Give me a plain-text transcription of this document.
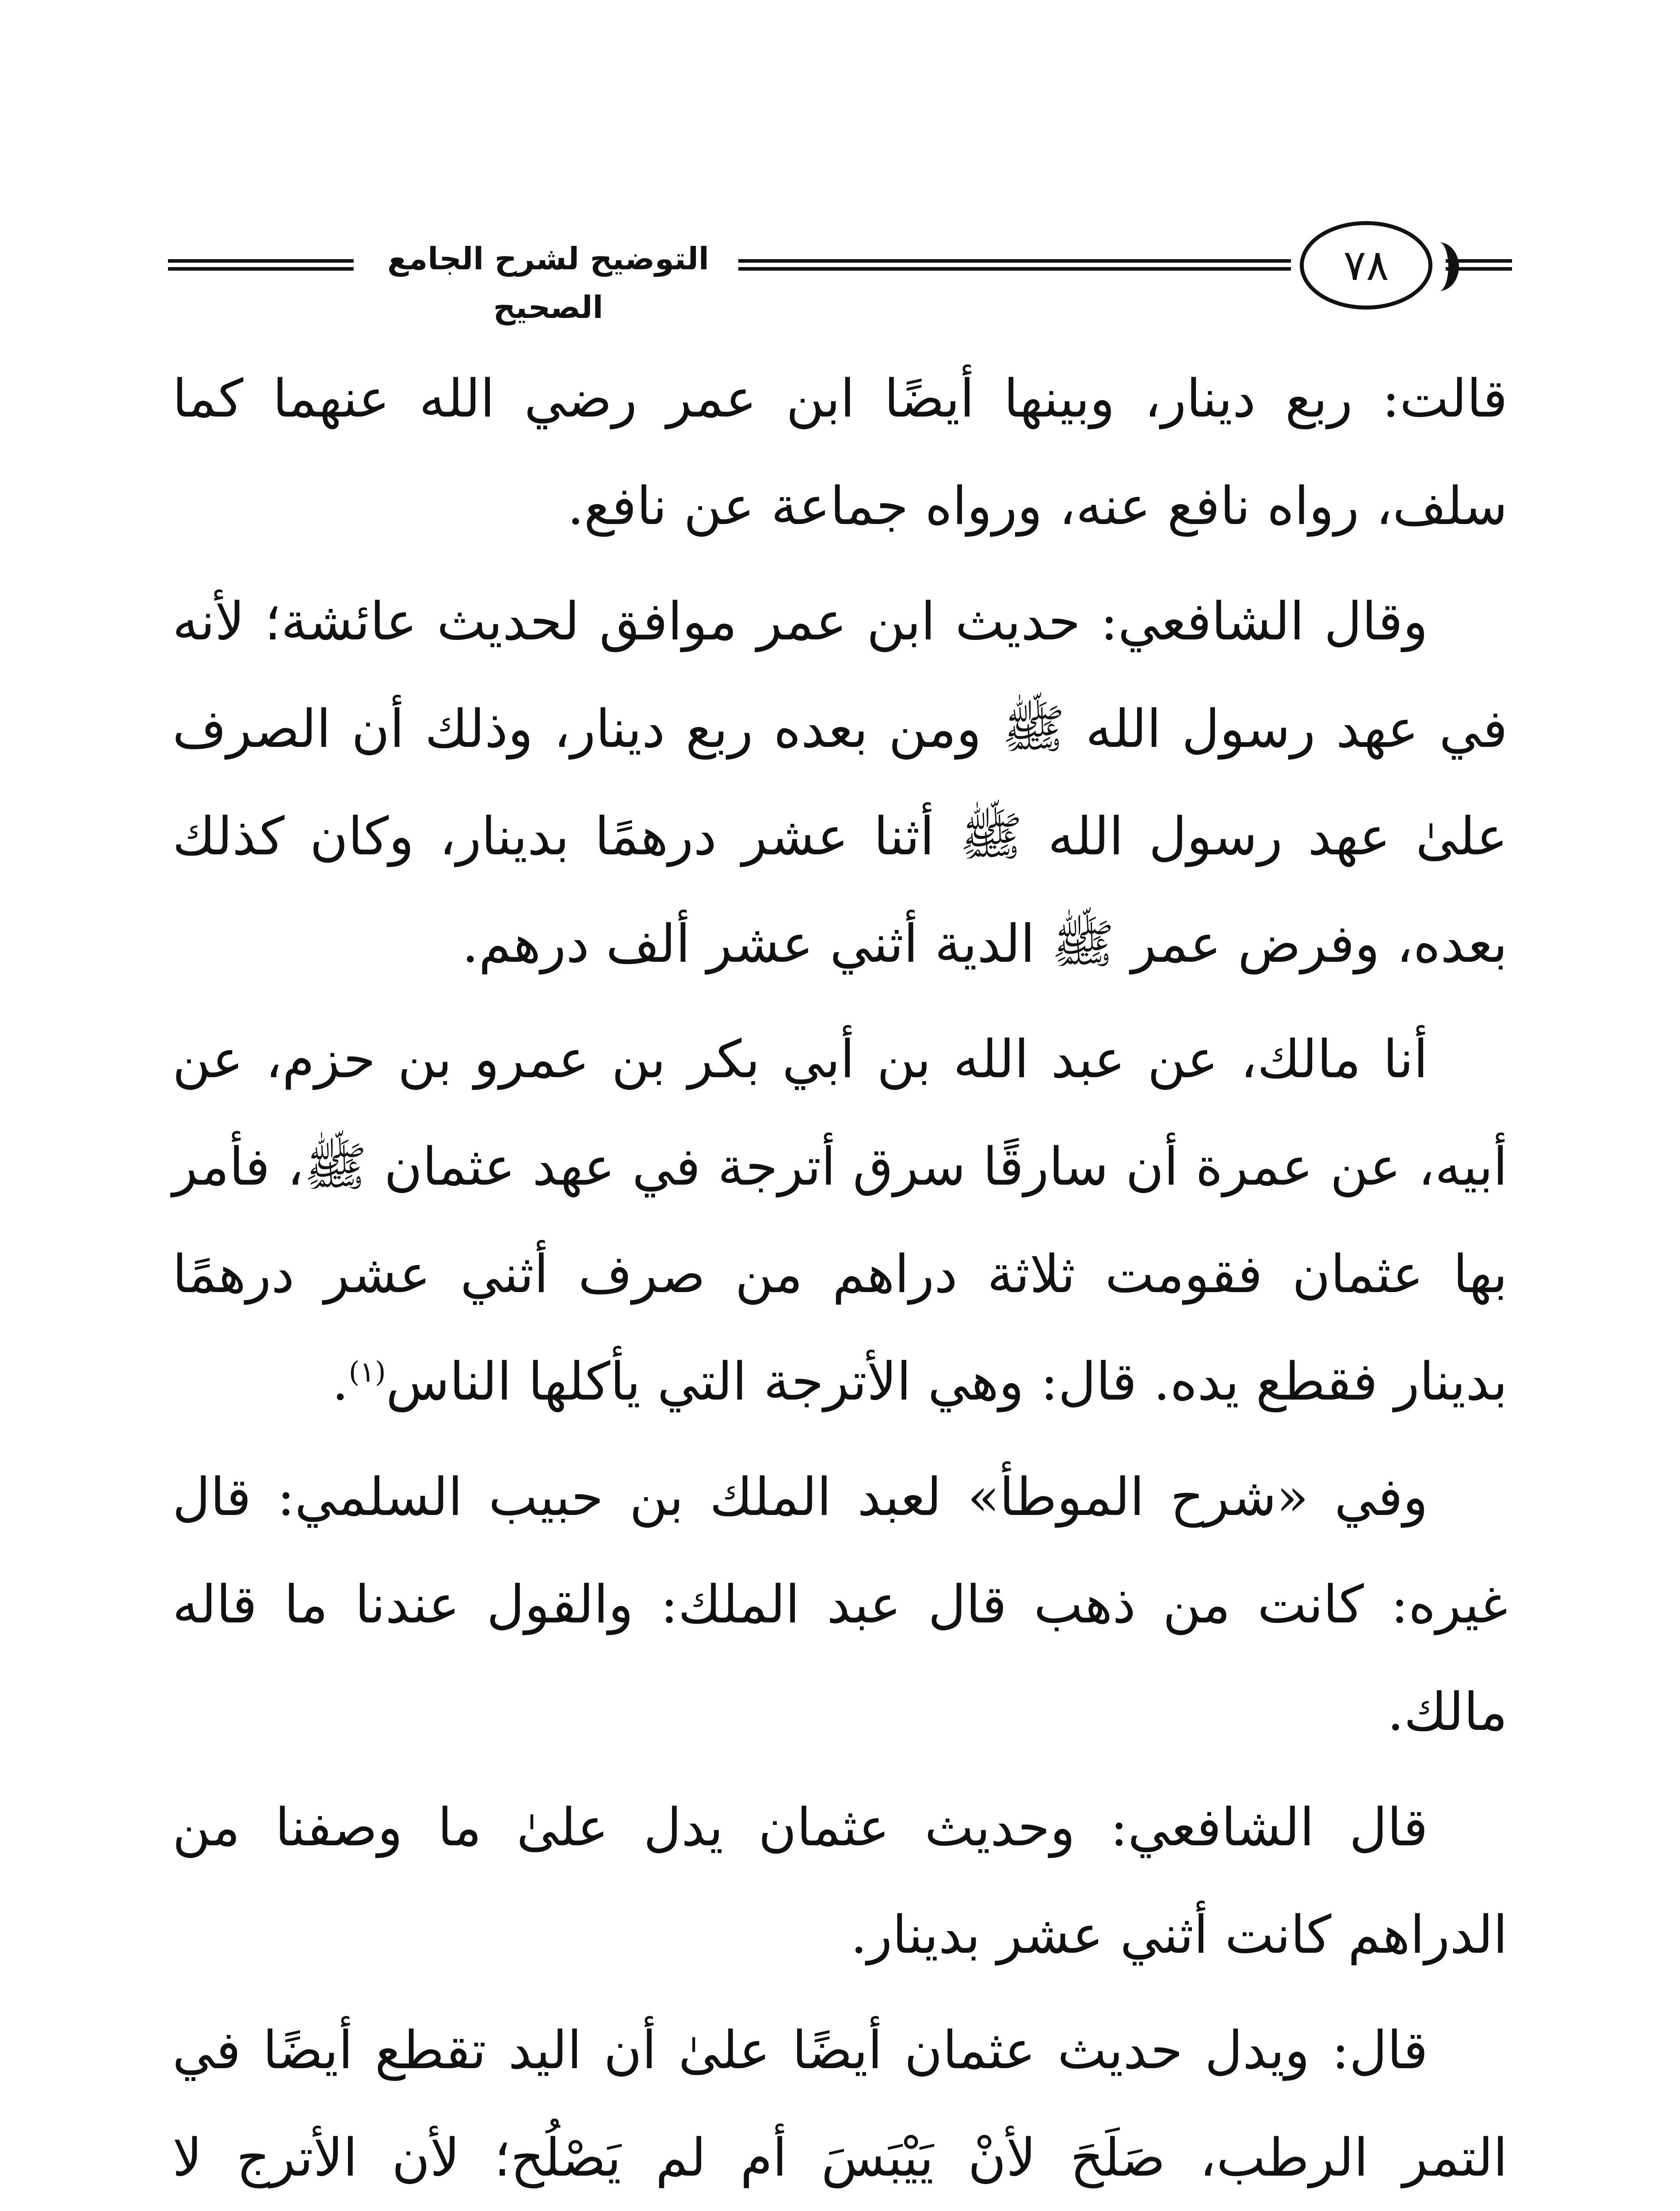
التوضيح لشرح الجامع الصحيح
٧٨

قالت: ربع دينار، وبينها أيضًا ابن عمر رضي الله عنهما كما سلف، رواه نافع عنه، ورواه جماعة عن نافع.

وقال الشافعي: حديث ابن عمر موافق لحديث عائشة؛ لأنه في عهد رسول الله ﷺ ومن بعده ربع دينار، وذلك أن الصرف علىٰ عهد رسول الله ﷺ أثنا عشر درهمًا بدينار، وكان كذلك بعده، وفرض عمر ﷺ الدية أثني عشر ألف درهم.

أنا مالك، عن عبد الله بن أبي بكر بن عمرو بن حزم، عن أبيه، عن عمرة أن سارقًا سرق أترجة في عهد عثمان ﷺ، فأمر بها عثمان فقومت ثلاثة دراهم من صرف أثني عشر درهمًا بدينار فقطع يده. قال: وهي الأترجة التي يأكلها الناس$^{(١)}$.

وفي «شرح الموطأ» لعبد الملك بن حبيب السلمي: قال غيره: كانت من ذهب قال عبد الملك: والقول عندنا ما قاله مالك.

قال الشافعي: وحديث عثمان يدل علىٰ ما وصفنا من الدراهم كانت أثني عشر بدينار.

قال: ويدل حديث عثمان أيضًا علىٰ أن اليد تقطع أيضًا في التمر الرطب، صَلَحَ لأنْ يَيْبَسَ أم لم يَصْلُح؛ لأن الأترج لا
